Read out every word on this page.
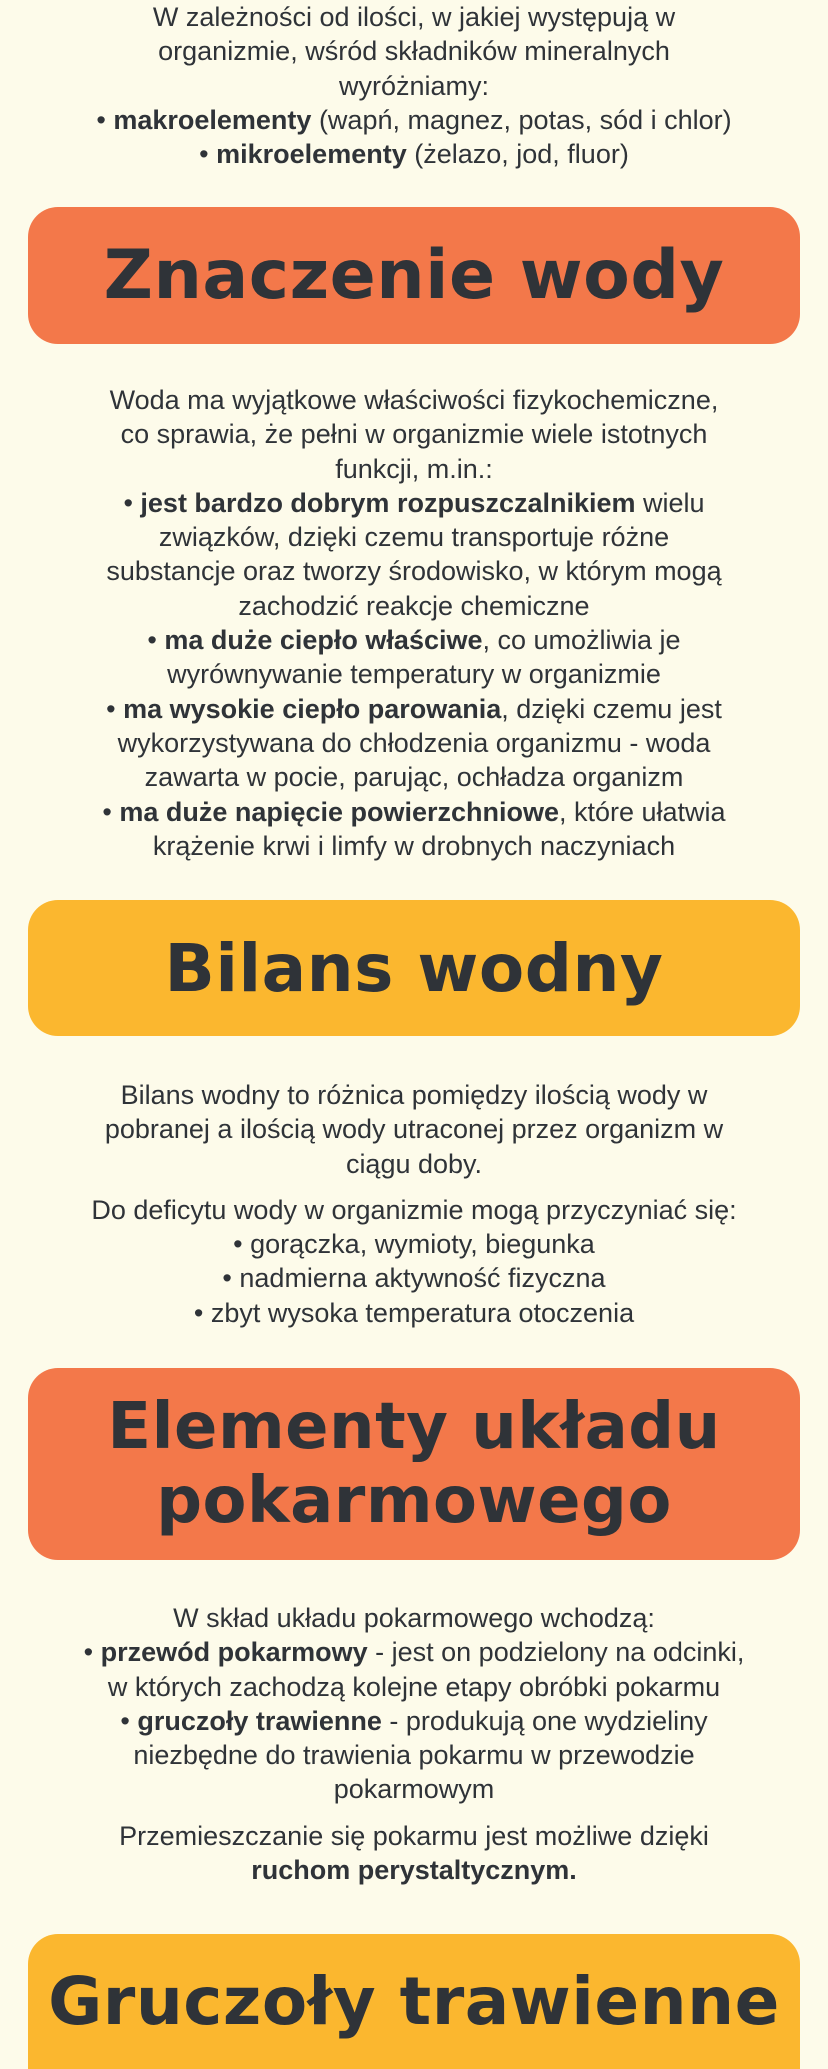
W zależności od ilości, w jakiej występują w

organizmie, wśród składników mineralnych

wyróżniamy:

• makroelementy (wapń, magnez, potas, sód i chlor)

• mikroelementy (żelazo, jod, fluor)

Znaczenie wody

Woda ma wyjątkowe właściwości fizykochemiczne,

co sprawia, że pełni w organizmie wiele istotnych

funkcji, m.in.:

• jest bardzo dobrym rozpuszczalnikiem wielu

związków, dzięki czemu transportuje różne

substancje oraz tworzy środowisko, w którym mogą

zachodzić reakcje chemiczne

• ma duże ciepło właściwe, co umożliwia je

wyrównywanie temperatury w organizmie

• ma wysokie ciepło parowania, dzięki czemu jest

wykorzystywana do chłodzenia organizmu - woda

zawarta w pocie, parując, ochładza organizm

• ma duże napięcie powierzchniowe, które ułatwia

krążenie krwi i limfy w drobnych naczyniach

Bilans wodny

Bilans wodny to różnica pomiędzy ilością wody w

pobranej a ilością wody utraconej przez organizm w

ciągu doby.

Do deficytu wody w organizmie mogą przyczyniać się:

• gorączka, wymioty, biegunka

• nadmierna aktywność fizyczna

• zbyt wysoka temperatura otoczenia

Elementy układu
pokarmowego

W skład układu pokarmowego wchodzą:

• przewód pokarmowy - jest on podzielony na odcinki,

w których zachodzą kolejne etapy obróbki pokarmu

• gruczoły trawienne - produkują one wydzieliny

niezbędne do trawienia pokarmu w przewodzie

pokarmowym

Przemieszczanie się pokarmu jest możliwe dzięki

ruchom perystaltycznym.

Gruczoły trawienne
